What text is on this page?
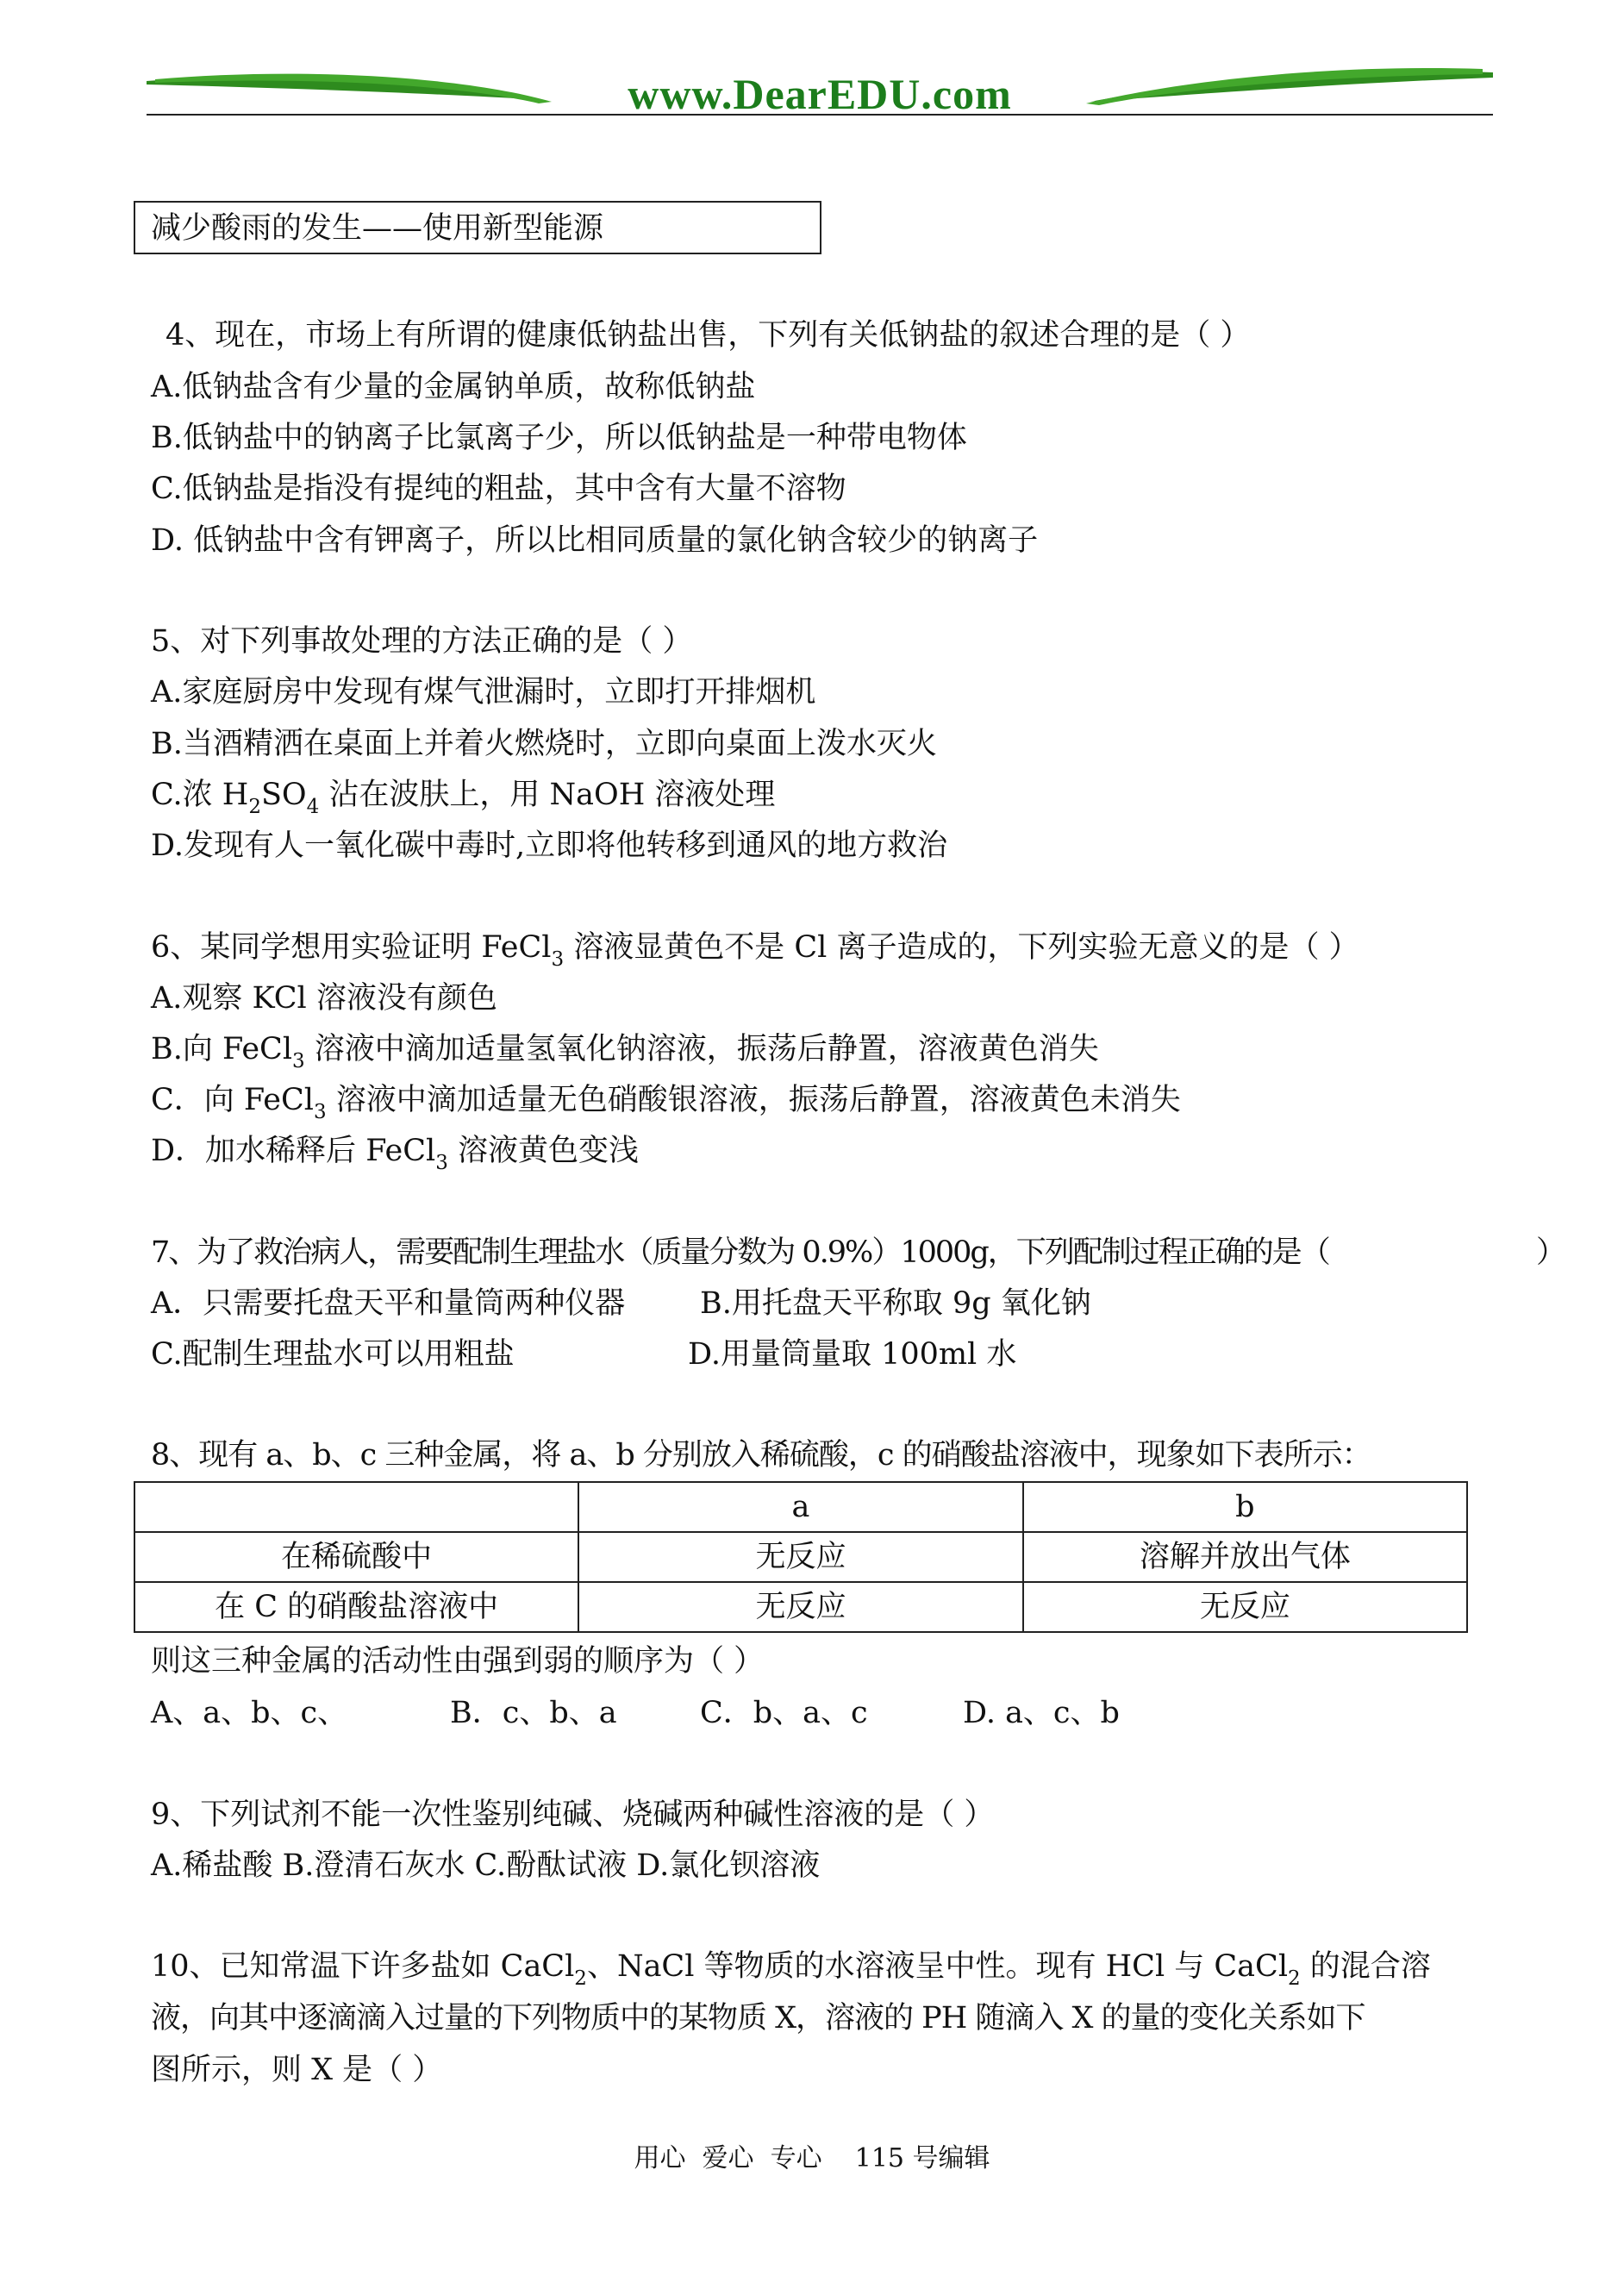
www.DearEDU.com
减少酸雨的发生——使用新型能源
4、现在，市场上有所谓的健康低钠盐出售，下列有关低钠盐的叙述合理的是（ ）
A.低钠盐含有少量的金属钠单质，故称低钠盐
B.低钠盐中的钠离子比氯离子少，所以低钠盐是一种带电物体
C.低钠盐是指没有提纯的粗盐，其中含有大量不溶物
D. 低钠盐中含有钾离子，所以比相同质量的氯化钠含较少的钠离子
5、对下列事故处理的方法正确的是（ ）
A.家庭厨房中发现有煤气泄漏时，立即打开排烟机
B.当酒精洒在桌面上并着火燃烧时，立即向桌面上泼水灭火
C.浓 $H_2SO_4$ 沾在波肤上，用 NaOH 溶液处理
D.发现有人一氧化碳中毒时,立即将他转移到通风的地方救治
6、某同学想用实验证明 FeCl$_3$ 溶液显黄色不是 Cl 离子造成的，下列实验无意义的是（ ）
A.观察 KCl 溶液没有颜色
B.向 FeCl$_3$ 溶液中滴加适量氢氧化钠溶液，振荡后静置，溶液黄色消失
C．向 FeCl$_3$ 溶液中滴加适量无色硝酸银溶液，振荡后静置，溶液黄色未消失
D．加水稀释后 FeCl$_3$ 溶液黄色变浅
7、为了救治病人，需要配制生理盐水（质量分数为 0.9%）1000g，下列配制过程正确的是（	）
A．只需要托盘天平和量筒两种仪器 B.用托盘天平称取 9g 氧化钠
C.配制生理盐水可以用粗盐	D.用量筒量取 100ml 水
8、现有 a、b、c 三种金属，将 a、b 分别放入稀硫酸，c 的硝酸盐溶液中，现象如下表所示：
	a	b
在稀硫酸中	无反应	溶解并放出气体
在 C 的硝酸盐溶液中	无反应	无反应
则这三种金属的活动性由强到弱的顺序为（ ）
A、a、b、c、	B．c、b、a	C．b、a、c	D. a、c、b
9、下列试剂不能一次性鉴别纯碱、烧碱两种碱性溶液的是（ ）
A.稀盐酸 B.澄清石灰水 C.酚酞试液 D.氯化钡溶液
10、已知常温下许多盐如 CaCl$_2$、NaCl 等物质的水溶液呈中性。现有 HCl 与 CaCl$_2$ 的混合溶
液，向其中逐滴滴入过量的下列物质中的某物质 X，溶液的 PH 随滴入 X 的量的变化关系如下
图所示，则 X 是（ ）
用心  爱心  专心    115 号编辑
